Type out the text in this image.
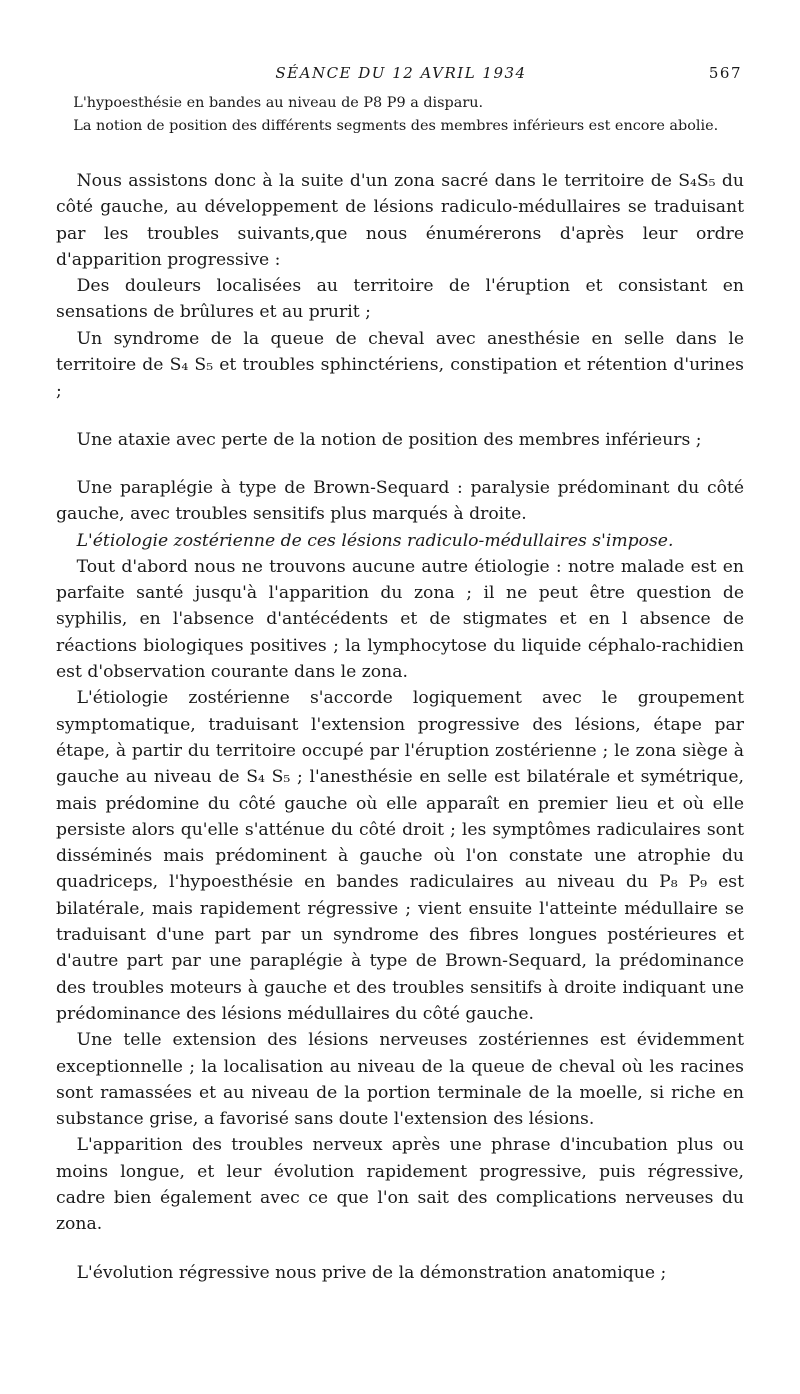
SÉANCE DU 12 AVRIL 1934	567

L'hypoesthésie en bandes au niveau de P8 P9 a disparu.

La notion de position des différents segments des membres inférieurs est encore abolie.

Nous assistons donc à la suite d'un zona sacré dans le territoire de S₄S₅ du côté gauche, au développement de lésions radiculo-médullaires se traduisant par les troubles suivants,que nous énumérerons d'après leur ordre d'apparition progressive :

Des douleurs localisées au territoire de l'éruption et consistant en sensations de brûlures et au prurit ;

Un syndrome de la queue de cheval avec anesthésie en selle dans le territoire de S₄ S₅ et troubles sphinctériens, constipation et rétention d'urines ;

Une ataxie avec perte de la notion de position des membres inférieurs ;

Une paraplégie à type de Brown-Sequard : paralysie prédominant du côté gauche, avec troubles sensitifs plus marqués à droite.

L'étiologie zostérienne de ces lésions radiculo-médullaires s'impose.

Tout d'abord nous ne trouvons aucune autre étiologie : notre malade est en parfaite santé jusqu'à l'apparition du zona ; il ne peut être question de syphilis, en l'absence d'antécédents et de stigmates et en l absence de réactions biologiques positives ; la lymphocytose du liquide céphalo-rachidien est d'observation courante dans le zona.

L'étiologie zostérienne s'accorde logiquement avec le groupement symptomatique, traduisant l'extension progressive des lésions, étape par étape, à partir du territoire occupé par l'éruption zostérienne ; le zona siège à gauche au niveau de S₄ S₅ ; l'anesthésie en selle est bilatérale et symétrique, mais prédomine du côté gauche où elle apparaît en premier lieu et où elle persiste alors qu'elle s'atténue du côté droit ; les symptômes radiculaires sont disséminés mais prédominent à gauche où l'on constate une atrophie du quadriceps, l'hypoesthésie en bandes radiculaires au niveau du P₈ P₉ est bilatérale, mais rapidement régressive ; vient ensuite l'atteinte médullaire se traduisant d'une part par un syndrome des fibres longues postérieures et d'autre part par une paraplégie à type de Brown-Sequard, la prédominance des troubles moteurs à gauche et des troubles sensitifs à droite indiquant une prédominance des lésions médullaires du côté gauche.

Une telle extension des lésions nerveuses zostériennes est évidemment exceptionnelle ; la localisation au niveau de la queue de cheval où les racines sont ramassées et au niveau de la portion terminale de la moelle, si riche en substance grise, a favorisé sans doute l'extension des lésions.

L'apparition des troubles nerveux après une phrase d'incubation plus ou moins longue, et leur évolution rapidement progressive, puis régressive, cadre bien également avec ce que l'on sait des complications nerveuses du zona.

L'évolution régressive nous prive de la démonstration anatomique ;
